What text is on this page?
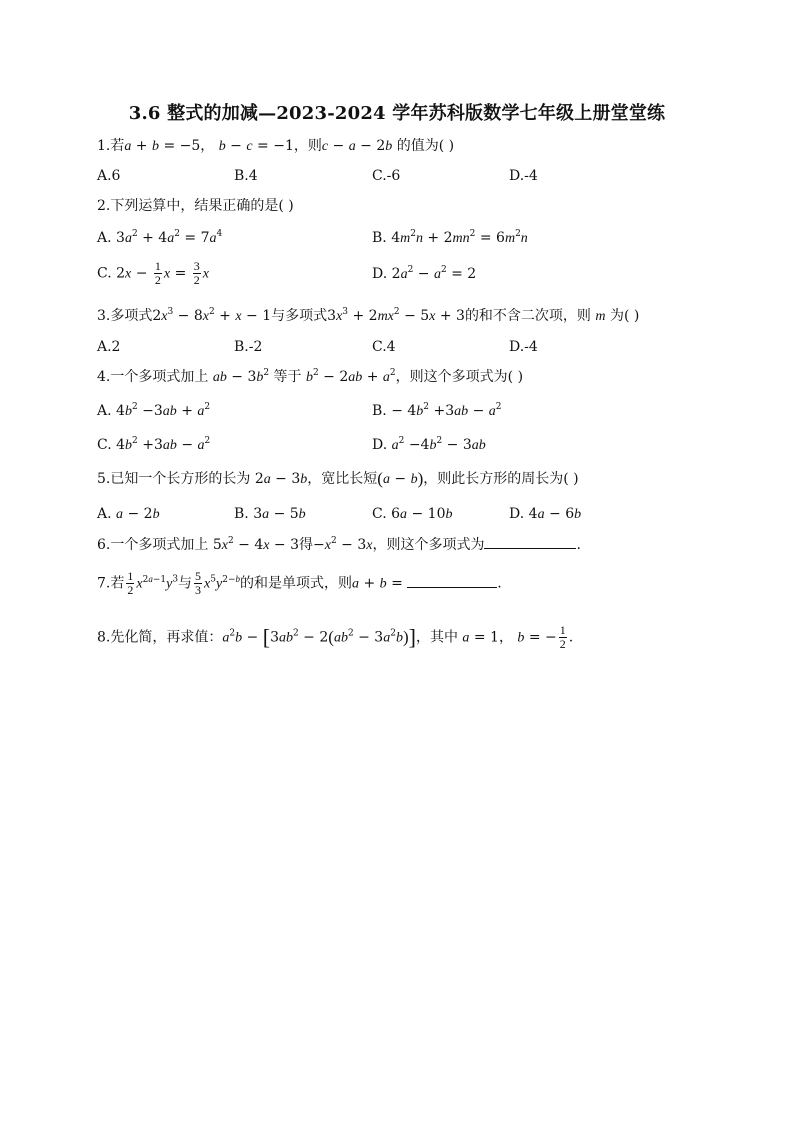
3.6 整式的加减—2023-2024 学年苏科版数学七年级上册堂堂练
1.若a + b = −5， b − c = −1，则c − a − 2b 的值为( )
A.6	B.4	C.-6	D.-4
2.下列运算中，结果正确的是( )
A. $3a^2 + 4a^2 = 7a^4$	B. $4m^2n + 2mn^2 = 6m^2n$
C. $2x - \frac{1}{2}$ $x = \frac{3}{2}$ x	D. $2a^2 - a^2 = 2$
3.多项式$2x^3 - 8x^2 + x - 1$与多项式$3x^3 + 2mx^2 - 5x + 3$的和不含二次项，则 m 为( )
A.2	B.-2	C.4	D.-4
4.一个多项式加上 ab − $3b^2$ 等于 $b^2 - 2ab + a^2$，则这个多项式为( )
A. $4b^2 -3ab + a^2$	B. − $4b^2 +3ab - a^2$
C. $4b^2 +3ab - a^2$	D. $a^2 -4b^2 - 3ab$
5.已知一个长方形的长为 2a − 3b，宽比长短(a − b)，则此长方形的周长为( )
A. a − 2b	B. 3a − 5b	C. 6a − 10b	D. 4a − 6b
6.一个多项式加上 $5x^2 - 4x - 3$得$-x^2 - 3x$，则这个多项式为	.
7.若 $\frac{1}{2} x^{2a-1}y^3$与 $\frac{5}{3} x^5y^{2-b}$的和是单项式，则a + b =	.
8.先化简，再求值：$a^2b - [3ab^2 - 2(ab^2 - 3a^2b)]$，其中 a = 1， b = − $\frac{1}{2}$ .
